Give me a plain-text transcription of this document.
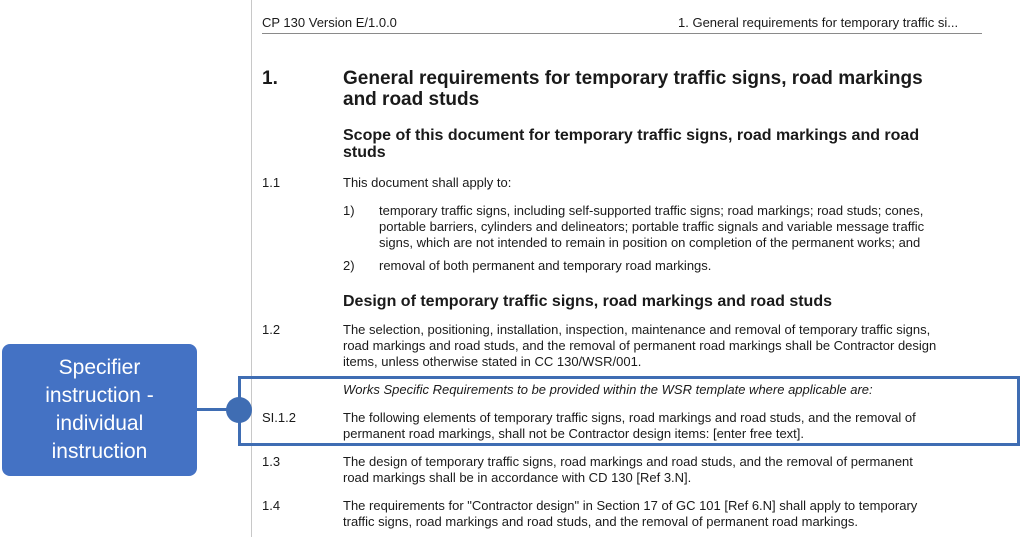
CP 130 Version E/1.0.0	1. General requirements for temporary traffic si...
1.	General requirements for temporary traffic signs, road markings
and road studs
Scope of this document for temporary traffic signs, road markings and road
studs
1.1	This document shall apply to:
1) temporary traffic signs, including self-supported traffic signs; road markings; road studs; cones,
portable barriers, cylinders and delineators; portable traffic signals and variable message traffic
signs, which are not intended to remain in position on completion of the permanent works; and
2) removal of both permanent and temporary road markings.
Design of temporary traffic signs, road markings and road studs
1.2	The selection, positioning, installation, inspection, maintenance and removal of temporary traffic signs,
road markings and road studs, and the removal of permanent road markings shall be Contractor design
items, unless otherwise stated in CC 130/WSR/001.
Works Specific Requirements to be provided within the WSR template where applicable are:
SI.1.2	The following elements of temporary traffic signs, road markings and road studs, and the removal of
permanent road markings, shall not be Contractor design items: [enter free text].
1.3	The design of temporary traffic signs, road markings and road studs, and the removal of permanent
road markings shall be in accordance with CD 130 [Ref 3.N].
1.4	The requirements for "Contractor design" in Section 17 of GC 101 [Ref 6.N] shall apply to temporary
traffic signs, road markings and road studs, and the removal of permanent road markings.
Specifier
instruction -
individual
instruction
